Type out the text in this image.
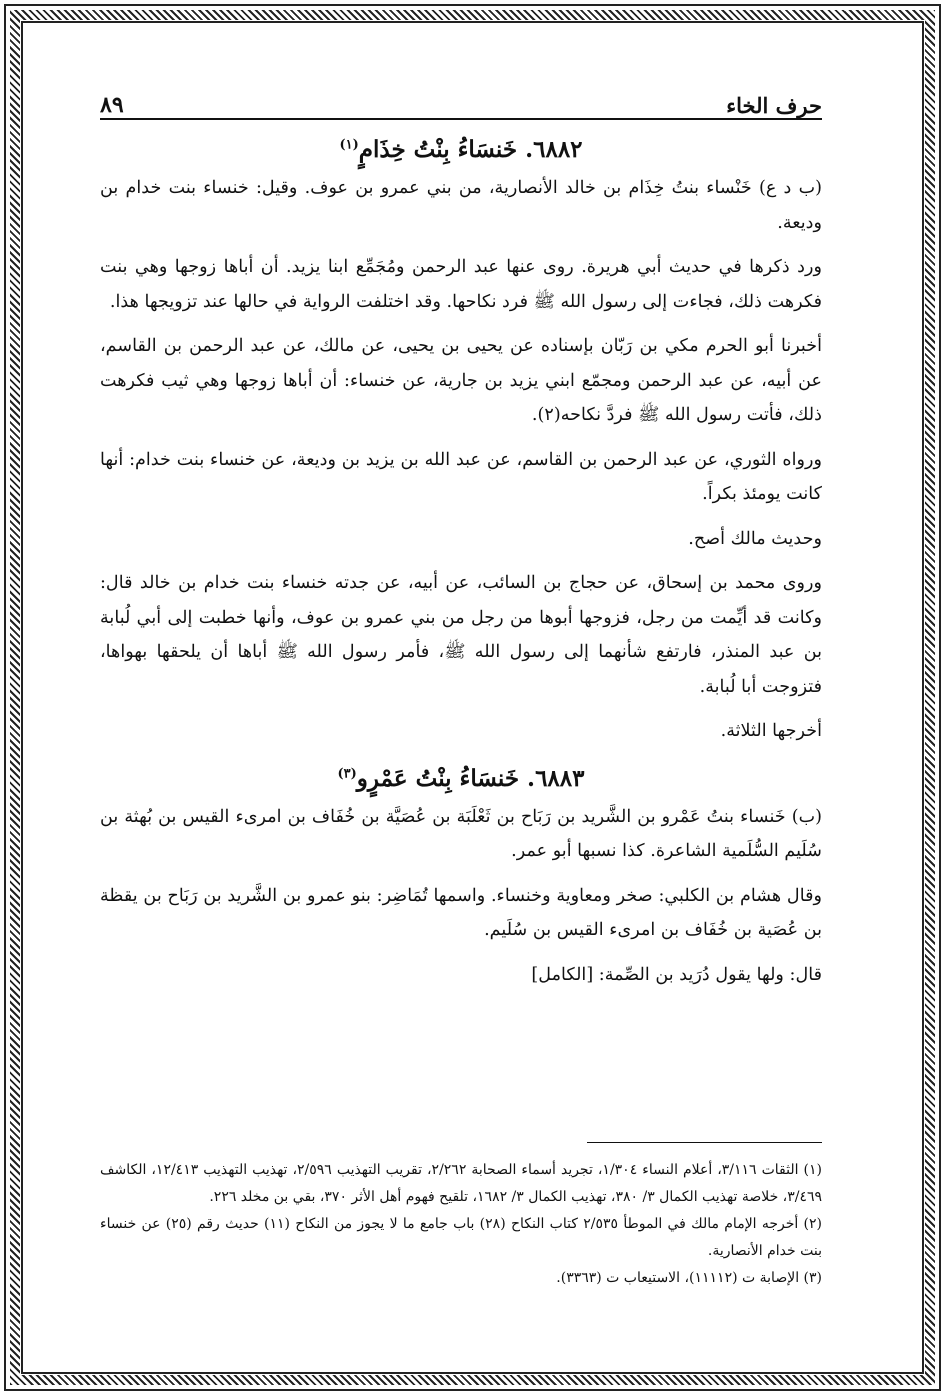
حرف الخاء
٨٩
٦٨٨٢. خَنسَاءُ بِنْتُ خِذَامٍ$^{(١)}$

(ب د ع) خَنْساء بنتُ خِذَام بن خالد الأنصارية، من بني عمرو بن عوف. وقيل: خنساء بنت خدام بن وديعة.

ورد ذكرها في حديث أبي هريرة. روى عنها عبد الرحمن ومُجَمِّع ابنا يزيد. أن أباها زوجها وهي بنت فكرهت ذلك، فجاءت إلى رسول الله ﷺ فرد نكاحها. وقد اختلفت الرواية في حالها عند تزويجها هذا.

أخبرنا أبو الحرم مكي بن رَبّان بإسناده عن يحيى بن يحيى، عن مالك، عن عبد الرحمن بن القاسم، عن أبيه، عن عبد الرحمن ومجمّع ابني يزيد بن جارية، عن خنساء: أن أباها زوجها وهي ثيب فكرهت ذلك، فأتت رسول الله ﷺ فردَّ نكاحه(٢).

ورواه الثوري، عن عبد الرحمن بن القاسم، عن عبد الله بن يزيد بن وديعة، عن خنساء بنت خدام: أنها كانت يومئذ بكراً.

وحديث مالك أصح.

وروى محمد بن إسحاق، عن حجاج بن السائب، عن أبيه، عن جدته خنساء بنت خدام بن خالد قال: وكانت قد أيِّمت من رجل، فزوجها أبوها من رجل من بني عمرو بن عوف، وأنها خطبت إلى أبي لُبابة بن عبد المنذر، فارتفع شأنهما إلى رسول الله ﷺ، فأمر رسول الله ﷺ أباها أن يلحقها بهواها، فتزوجت أبا لُبابة.

أخرجها الثلاثة.

٦٨٨٣. خَنسَاءُ بِنْتُ عَمْرٍو$^{(٣)}$

(ب) خَنساء بنتُ عَمْرو بن الشَّريد بن رَبَاح بن ثَعْلَبَة بن عُصَيَّة بن خُفَاف بن امرىء القيس بن بُهثة بن سُلَيم السُّلَمية الشاعرة. كذا نسبها أبو عمر.

وقال هشام بن الكلبي: صخر ومعاوية وخنساء. واسمها تُمَاضِر: بنو عمرو بن الشَّريد بن رَبَاح بن يقظة بن عُصَية بن خُفَاف بن امرىء القيس بن سُلَيم.

قال: ولها يقول دُرَيد بن الصِّمة: [الكامل]

(١) الثقات ٣/١١٦، أعلام النساء ١/٣٠٤، تجريد أسماء الصحابة ٢/٢٦٢، تقريب التهذيب ٢/٥٩٦، تهذيب التهذيب ١٢/٤١٣، الكاشف ٣/٤٦٩، خلاصة تهذيب الكمال ٣/ ٣٨٠، تهذيب الكمال ٣/ ١٦٨٢، تلقيح فهوم أهل الأثر ٣٧٠، بقي بن مخلد ٢٢٦.

(٢) أخرجه الإمام مالك في الموطأ ٢/٥٣٥ كتاب النكاح (٢٨) باب جامع ما لا يجوز من النكاح (١١) حديث رقم (٢٥) عن خنساء بنت خدام الأنصارية.

(٣) الإصابة ت (١١١١٢)، الاستيعاب ت (٣٣٦٣).
